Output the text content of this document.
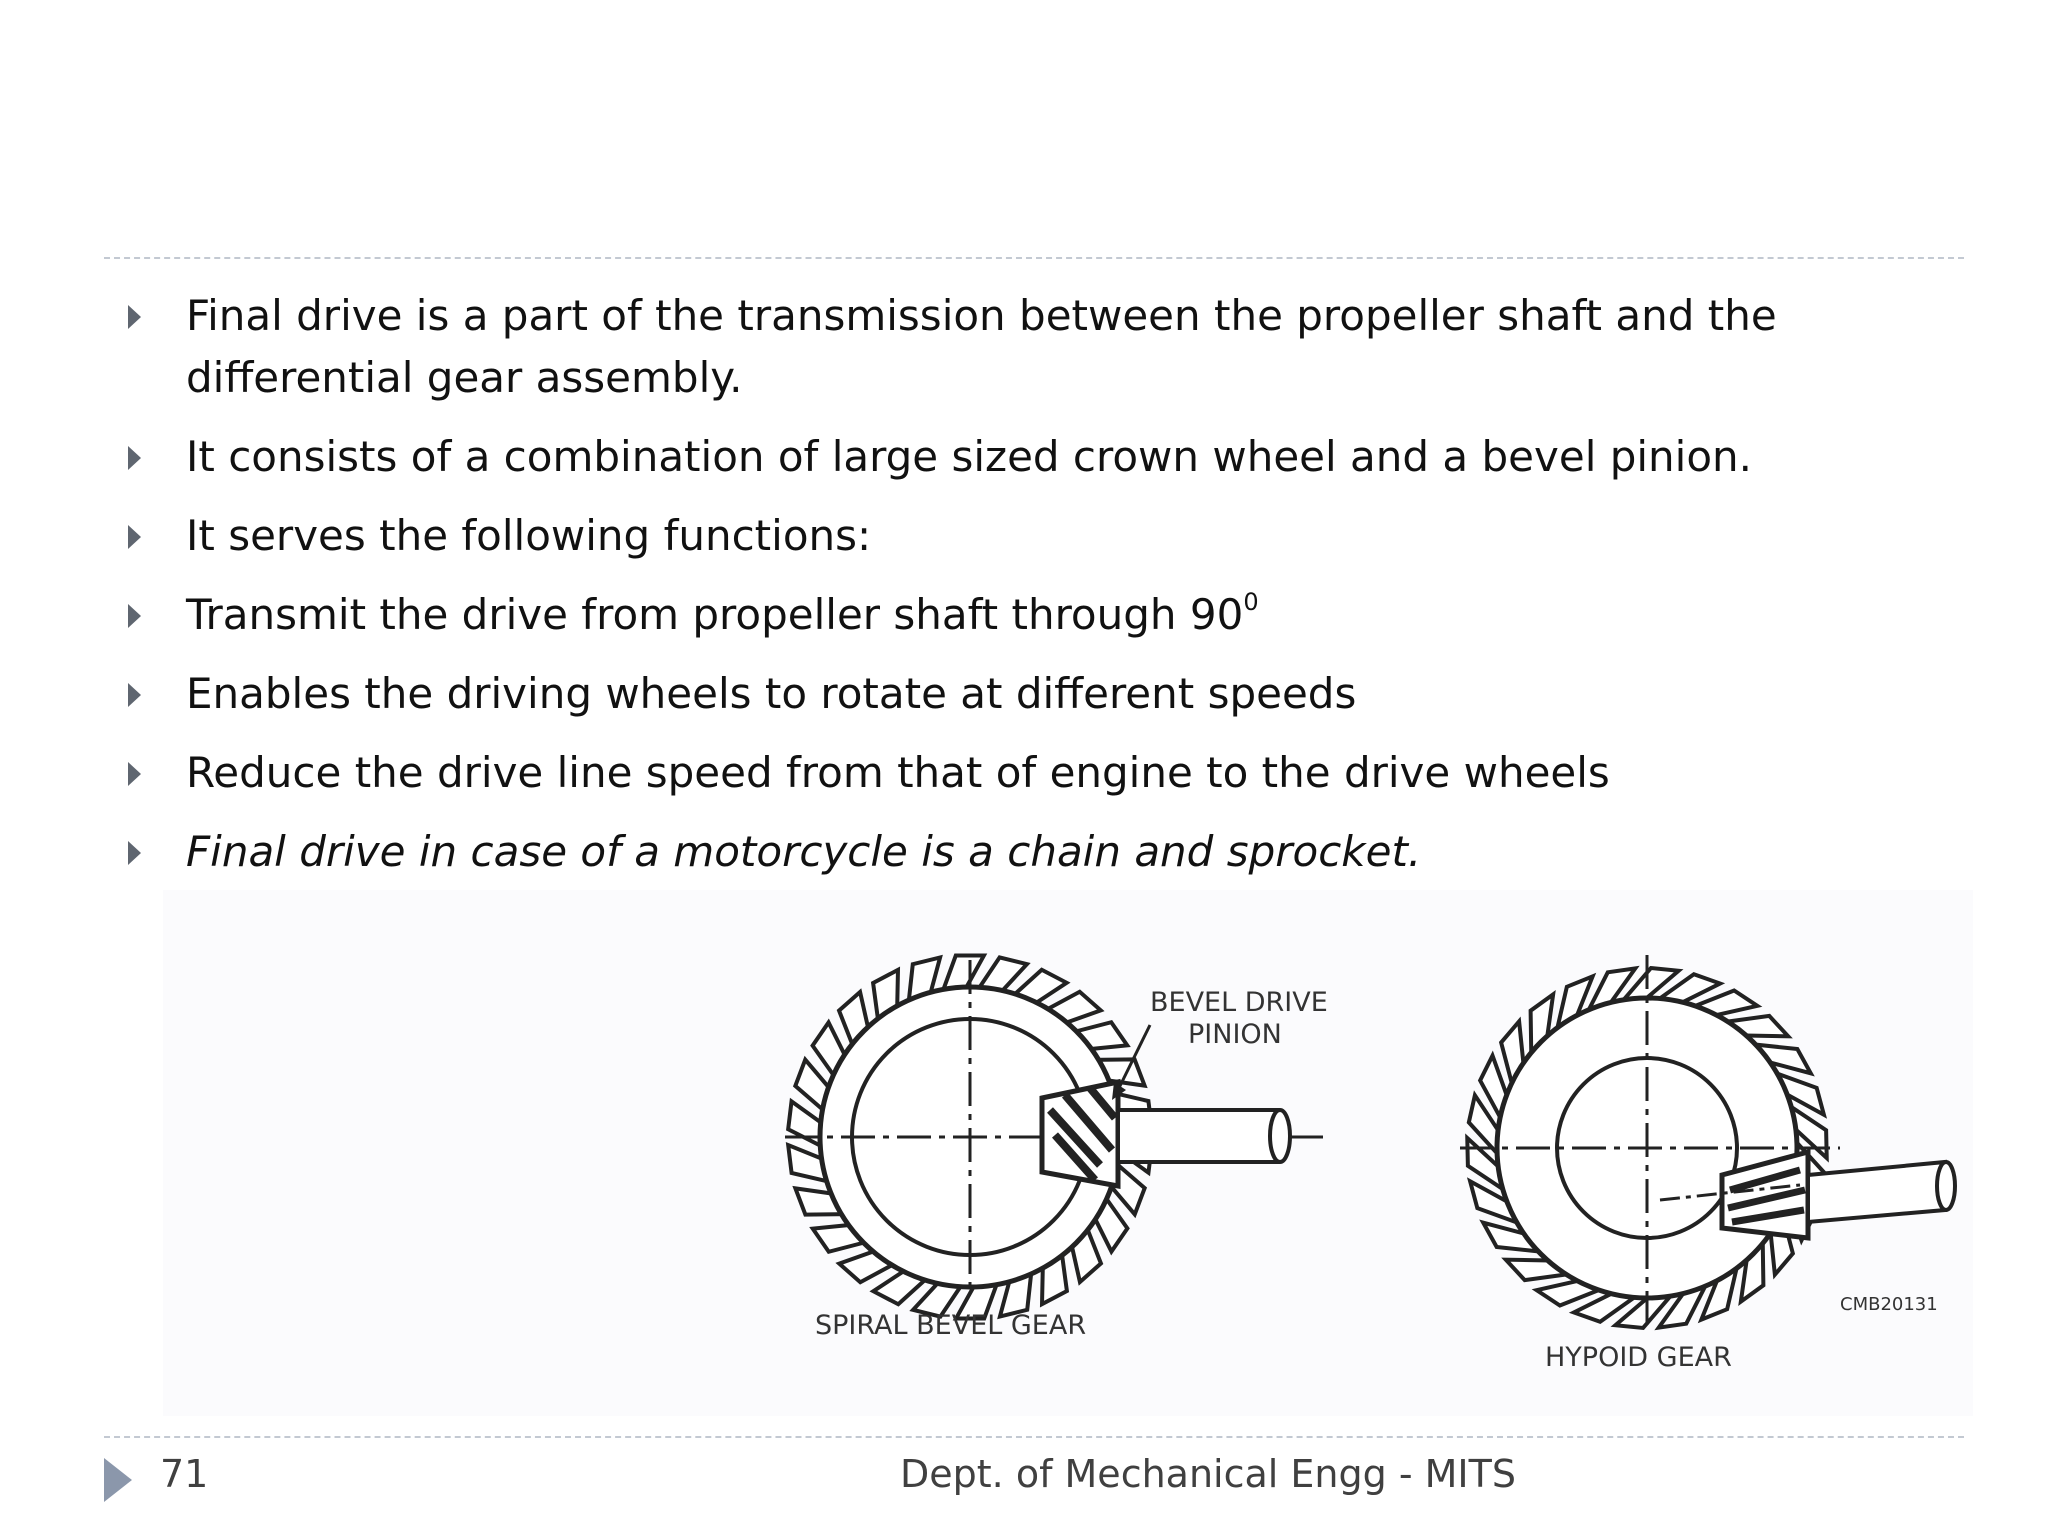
Final drive is a part of the transmission between the propeller shaft and the differential gear assembly.
It consists of a combination of large sized crown wheel and a bevel pinion.
It serves the following functions:
Transmit the drive from propeller shaft through $90^0$
Enables the driving wheels to rotate at different speeds
Reduce the drive line speed from that of engine to the drive wheels
Final drive in case of a motorcycle is a chain and sprocket.
BEVEL DRIVE
PINION
SPIRAL BEVEL GEAR
HYPOID GEAR
CMB20131
71	Dept. of Mechanical Engg - MITS
